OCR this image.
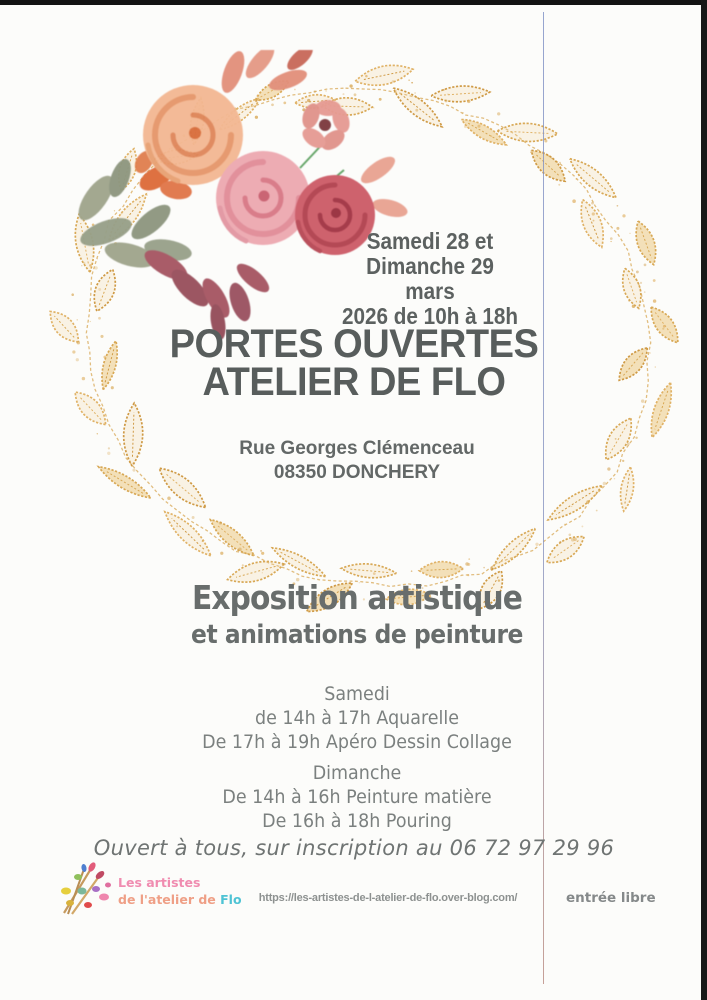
Samedi 28 et
Dimanche 29 mars
2026 de 10h à 18h
PORTES OUVERTES
ATELIER DE FLO
Rue Georges Clémenceau
08350 DONCHERY
Exposition artistique
et animations de peinture
Samedi
de 14h à 17h Aquarelle
De 17h à 19h Apéro Dessin Collage
Dimanche
De 14h à 16h Peinture matière
De 16h à 18h Pouring
Ouvert à tous, sur inscription au 06 72 97 29 96
Les artistes
de l'atelier de Flo	https://les-artistes-de-l-atelier-de-flo.over-blog.com/	entrée libre
